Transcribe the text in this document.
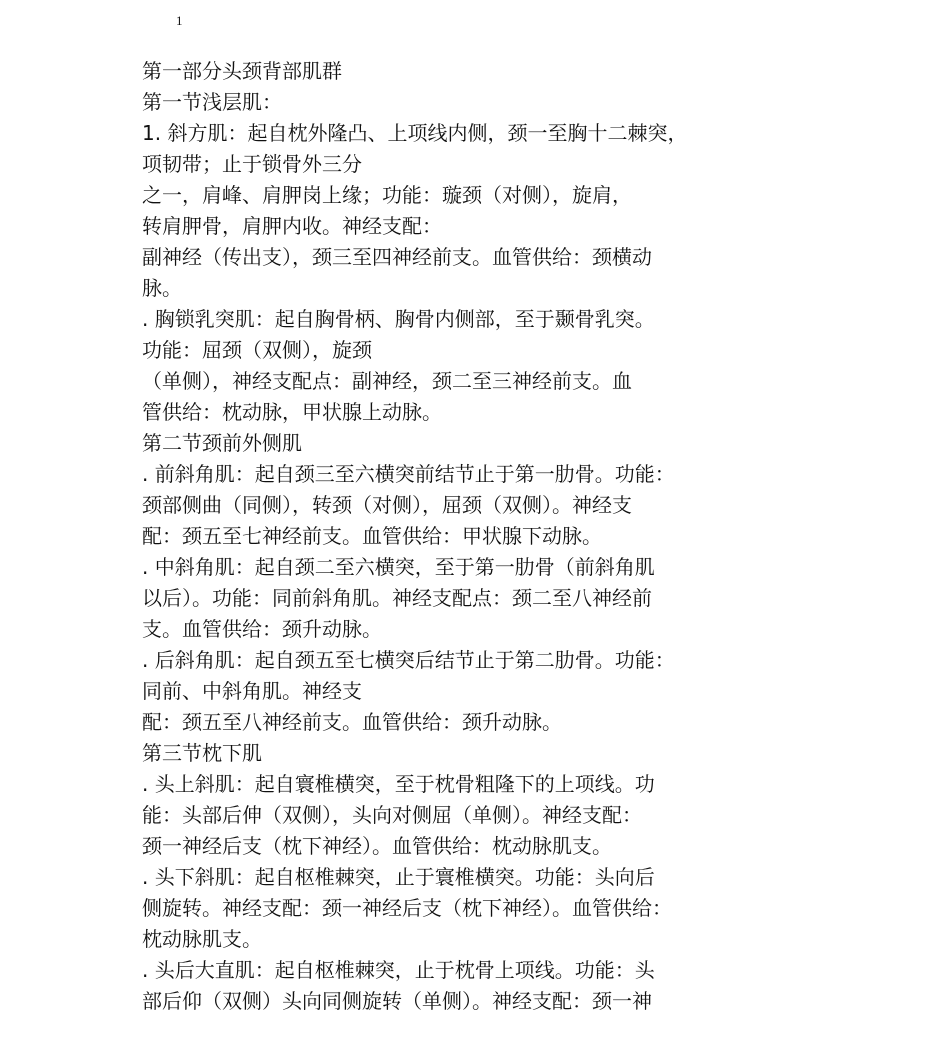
1
第一部分头颈背部肌群
第一节浅层肌：
1. 斜方肌：起自枕外隆凸、上项线内侧，颈一至胸十二棘突，
项韧带；止于锁骨外三分
之一，肩峰、肩胛岗上缘；功能：璇颈（对侧），旋肩，
转肩胛骨，肩胛内收。神经支配：
副神经（传出支），颈三至四神经前支。血管供给：颈横动
脉。
. 胸锁乳突肌：起自胸骨柄、胸骨内侧部，至于颞骨乳突。
功能：屈颈（双侧），旋颈
（单侧），神经支配点：副神经，颈二至三神经前支。血
管供给：枕动脉，甲状腺上动脉。
第二节颈前外侧肌
. 前斜角肌：起自颈三至六横突前结节止于第一肋骨。功能：
颈部侧曲（同侧），转颈（对侧），屈颈（双侧）。神经支
配：颈五至七神经前支。血管供给：甲状腺下动脉。
. 中斜角肌：起自颈二至六横突，至于第一肋骨（前斜角肌
以后）。功能：同前斜角肌。神经支配点：颈二至八神经前
支。血管供给：颈升动脉。
. 后斜角肌：起自颈五至七横突后结节止于第二肋骨。功能：
同前、中斜角肌。神经支
配：颈五至八神经前支。血管供给：颈升动脉。
第三节枕下肌
. 头上斜肌：起自寰椎横突，至于枕骨粗隆下的上项线。功
能：头部后伸（双侧），头向对侧屈（单侧）。神经支配：
颈一神经后支（枕下神经）。血管供给：枕动脉肌支。
. 头下斜肌：起自枢椎棘突，止于寰椎横突。功能：头向后
侧旋转。神经支配：颈一神经后支（枕下神经）。血管供给：
枕动脉肌支。
. 头后大直肌：起自枢椎棘突，止于枕骨上项线。功能：头
部后仰（双侧）头向同侧旋转（单侧）。神经支配：颈一神
